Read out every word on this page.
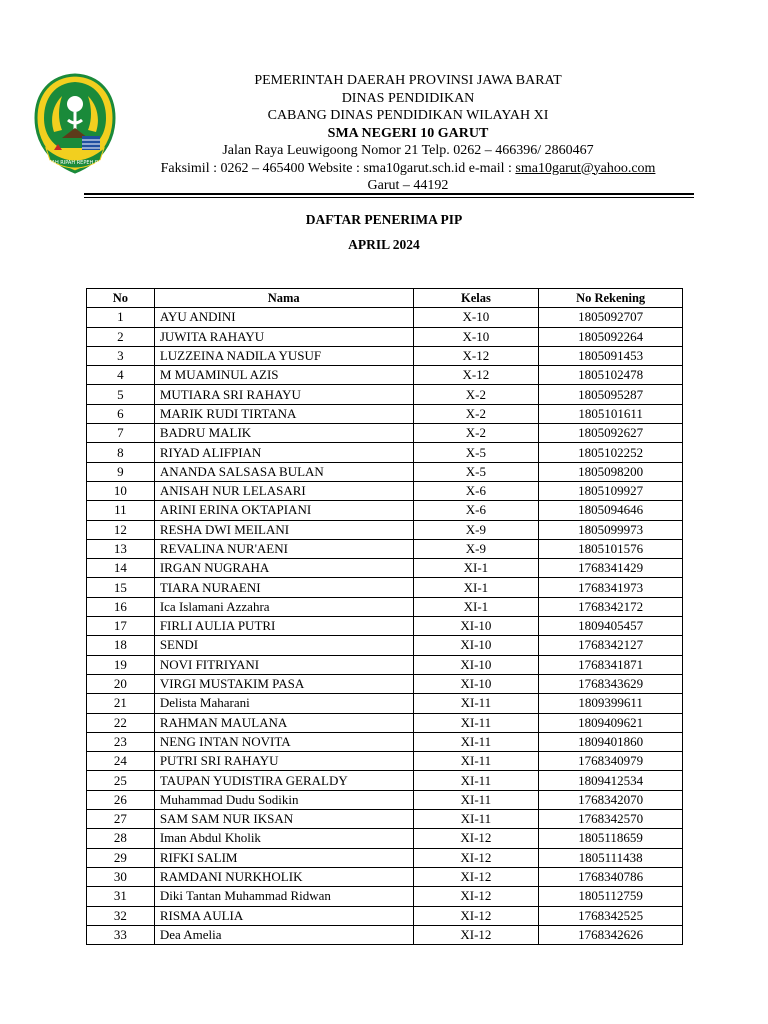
GEMAH RIPAH REPEH RAPIH
PEMERINTAH DAERAH PROVINSI JAWA BARAT
DINAS PENDIDIKAN
CABANG DINAS PENDIDIKAN WILAYAH XI
SMA NEGERI 10 GARUT
Jalan Raya Leuwigoong Nomor 21 Telp. 0262 – 466396/ 2860467
Faksimil : 0262 – 465400 Website : sma10garut.sch.id e-mail : sma10garut@yahoo.com
Garut – 44192
DAFTAR PENERIMA PIP
APRIL 2024
No	Nama	Kelas	No Rekening
1	AYU ANDINI	X-10	1805092707
2	JUWITA RAHAYU	X-10	1805092264
3	LUZZEINA NADILA YUSUF	X-12	1805091453
4	M MUAMINUL AZIS	X-12	1805102478
5	MUTIARA SRI RAHAYU	X-2	1805095287
6	MARIK RUDI TIRTANA	X-2	1805101611
7	BADRU MALIK	X-2	1805092627
8	RIYAD ALIFPIAN	X-5	1805102252
9	ANANDA SALSASA BULAN	X-5	1805098200
10	ANISAH NUR LELASARI	X-6	1805109927
11	ARINI ERINA OKTAPIANI	X-6	1805094646
12	RESHA DWI MEILANI	X-9	1805099973
13	REVALINA NUR'AENI	X-9	1805101576
14	IRGAN NUGRAHA	XI-1	1768341429
15	TIARA NURAENI	XI-1	1768341973
16	Ica Islamani Azzahra	XI-1	1768342172
17	FIRLI AULIA PUTRI	XI-10	1809405457
18	SENDI	XI-10	1768342127
19	NOVI FITRIYANI	XI-10	1768341871
20	VIRGI MUSTAKIM PASA	XI-10	1768343629
21	Delista Maharani	XI-11	1809399611
22	RAHMAN MAULANA	XI-11	1809409621
23	NENG INTAN NOVITA	XI-11	1809401860
24	PUTRI SRI RAHAYU	XI-11	1768340979
25	TAUPAN YUDISTIRA GERALDY	XI-11	1809412534
26	Muhammad Dudu Sodikin	XI-11	1768342070
27	SAM SAM NUR IKSAN	XI-11	1768342570
28	Iman Abdul Kholik	XI-12	1805118659
29	RIFKI SALIM	XI-12	1805111438
30	RAMDANI NURKHOLIK	XI-12	1768340786
31	Diki Tantan Muhammad Ridwan	XI-12	1805112759
32	RISMA AULIA	XI-12	1768342525
33	Dea Amelia	XI-12	1768342626
